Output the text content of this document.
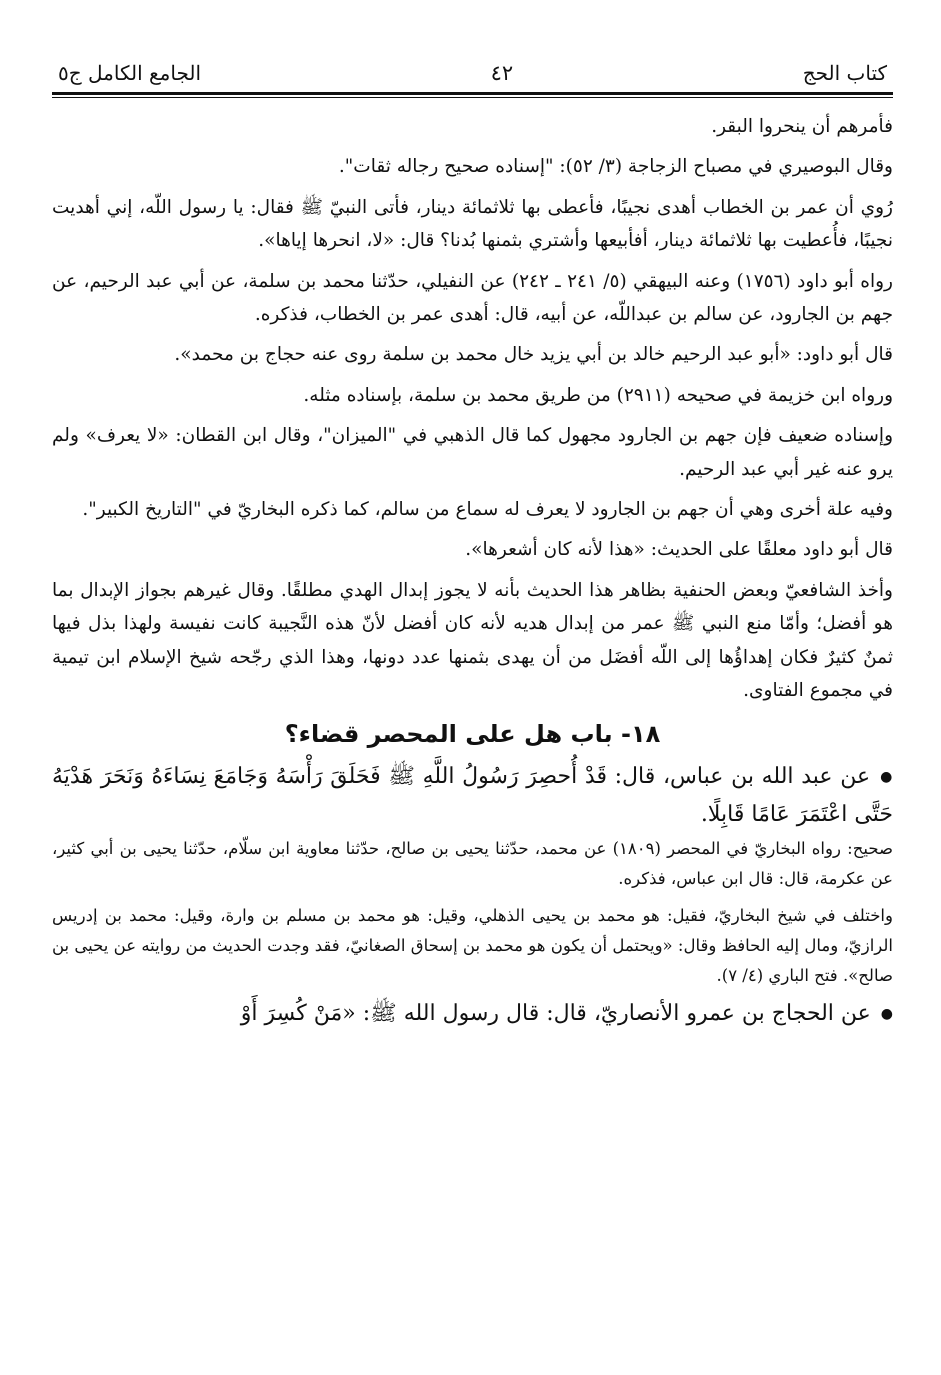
كتاب الحج
٤٢
الجامع الكامل ج٥

فأمرهم أن ينحروا البقر.

وقال البوصيري في مصباح الزجاجة (٣/ ٥٢): "إسناده صحيح رجاله ثقات".

رُوي أن عمر بن الخطاب أهدى نجيبًا، فأعطى بها ثلاثمائة دينار، فأتى النبيّ ﷺ فقال: يا رسول اللّه، إني أهديت نجيبًا، فأُعطيت بها ثلاثمائة دينار، أفأبيعها وأشتري بثمنها بُدنا؟ قال: «لا، انحرها إياها».

رواه أبو داود (١٧٥٦) وعنه البيهقي (٥/ ٢٤١ ـ ٢٤٢) عن النفيلي، حدّثنا محمد بن سلمة، عن أبي عبد الرحيم، عن جهم بن الجارود، عن سالم بن عبداللّه، عن أبيه، قال: أهدى عمر بن الخطاب، فذكره.

قال أبو داود: «أبو عبد الرحيم خالد بن أبي يزيد خال محمد بن سلمة روى عنه حجاج بن محمد».

ورواه ابن خزيمة في صحيحه (٢٩١١) من طريق محمد بن سلمة، بإسناده مثله.

وإسناده ضعيف فإن جهم بن الجارود مجهول كما قال الذهبي في "الميزان"، وقال ابن القطان: «لا يعرف» ولم يرو عنه غير أبي عبد الرحيم.

وفيه علة أخرى وهي أن جهم بن الجارود لا يعرف له سماع من سالم، كما ذكره البخاريّ في "التاريخ الكبير".

قال أبو داود معلقًا على الحديث: «هذا لأنه كان أشعرها».

وأخذ الشافعيّ وبعض الحنفية بظاهر هذا الحديث بأنه لا يجوز إبدال الهدي مطلقًا. وقال غيرهم بجواز الإبدال بما هو أفضل؛ وأمّا منع النبي ﷺ عمر من إبدال هديه لأنه كان أفضل لأنّ هذه النَّجيبة كانت نفيسة ولهذا بذل فيها ثمنٌ كثيرٌ فكان إهداؤُها إلى اللّه أفضَل من أن يهدى بثمنها عدد دونها، وهذا الذي رجّحه شيخ الإسلام ابن تيمية في مجموع الفتاوى.

١٨- باب هل على المحصر قضاء؟

●عن عبد الله بن عباس، قال: قَدْ أُحصِرَ رَسُولُ اللَّهِ ﷺ فَحَلَقَ رَأْسَهُ وَجَامَعَ نِسَاءَهُ وَنَحَرَ هَدْيَهُ حَتَّى اعْتَمَرَ عَامًا قَابِلًا.

صحيح: رواه البخاريّ في المحصر (١٨٠٩) عن محمد، حدّثنا يحيى بن صالح، حدّثنا معاوية ابن سلّام، حدّثنا يحيى بن أبي كثير، عن عكرمة، قال: قال ابن عباس، فذكره.

واختلف في شيخ البخاريّ، فقيل: هو محمد بن يحيى الذهلي، وقيل: هو محمد بن مسلم بن وارة، وقيل: محمد بن إدريس الرازيّ، ومال إليه الحافظ وقال: «ويحتمل أن يكون هو محمد بن إسحاق الصغانيّ، فقد وجدت الحديث من روايته عن يحيى بن صالح». فتح الباري (٤/ ٧).

●عن الحجاج بن عمرو الأنصاريّ، قال: قال رسول الله ﷺ: «مَنْ كُسِرَ أَوْ
